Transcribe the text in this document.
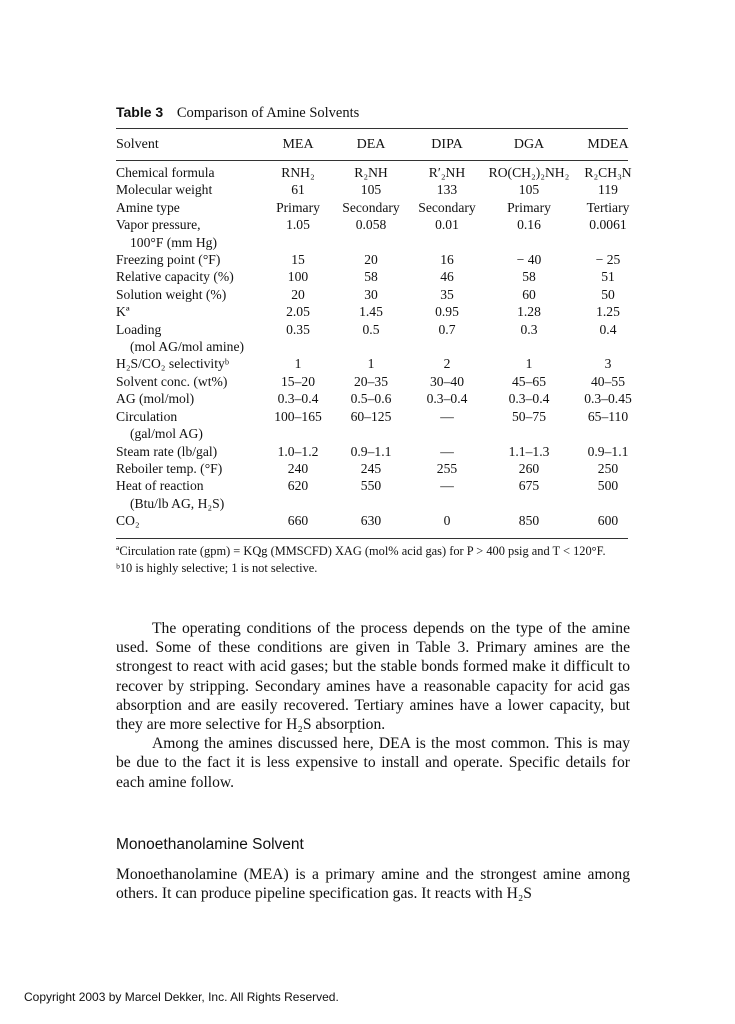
Table 3 Comparison of Amine Solvents
Solvent	MEA	DEA	DIPA	DGA	MDEA
Chemical formula	RNH₂	R₂NH	R′₂NH	RO(CH₂)₂NH₂	R₂CH₃N
Molecular weight	61	105	133	105	119
Amine type	Primary	Secondary	Secondary	Primary	Tertiary
Vapor pressure,	1.05	0.058	0.01	0.16	0.0061
100°F (mm Hg)					
Freezing point (°F)	15	20	16	− 40	− 25
Relative capacity (%)	100	58	46	58	51
Solution weight (%)	20	30	35	60	50
Kª	2.05	1.45	0.95	1.28	1.25
Loading	0.35	0.5	0.7	0.3	0.4
(mol AG/mol amine)					
H₂S/CO₂ selectivityᵇ	1	1	2	1	3
Solvent conc. (wt%)	15–20	20–35	30–40	45–65	40–55
AG (mol/mol)	0.3–0.4	0.5–0.6	0.3–0.4	0.3–0.4	0.3–0.45
Circulation	100–165	60–125	—	50–75	65–110
(gal/mol AG)					
Steam rate (lb/gal)	1.0–1.2	0.9–1.1	—	1.1–1.3	0.9–1.1
Reboiler temp. (°F)	240	245	255	260	250
Heat of reaction	620	550	—	675	500
(Btu/lb AG, H₂S)					
CO₂	660	630	0	850	600

ªCirculation rate (gpm) = KQg (MMSCFD) XAG (mol% acid gas) for P > 400 psig and T < 120°F.

ᵇ10 is highly selective; 1 is not selective.

The operating conditions of the process depends on the type of the amine used. Some of these conditions are given in Table 3. Primary amines are the strongest to react with acid gases; but the stable bonds formed make it difficult to recover by stripping. Secondary amines have a reasonable capacity for acid gas absorption and are easily recovered. Tertiary amines have a lower capacity, but they are more selective for H₂S absorption.

Among the amines discussed here, DEA is the most common. This is may be due to the fact it is less expensive to install and operate. Specific details for each amine follow.

Monoethanolamine Solvent

Monoethanolamine (MEA) is a primary amine and the strongest amine among others. It can produce pipeline specification gas. It reacts with H₂S

Copyright 2003 by Marcel Dekker, Inc. All Rights Reserved.
